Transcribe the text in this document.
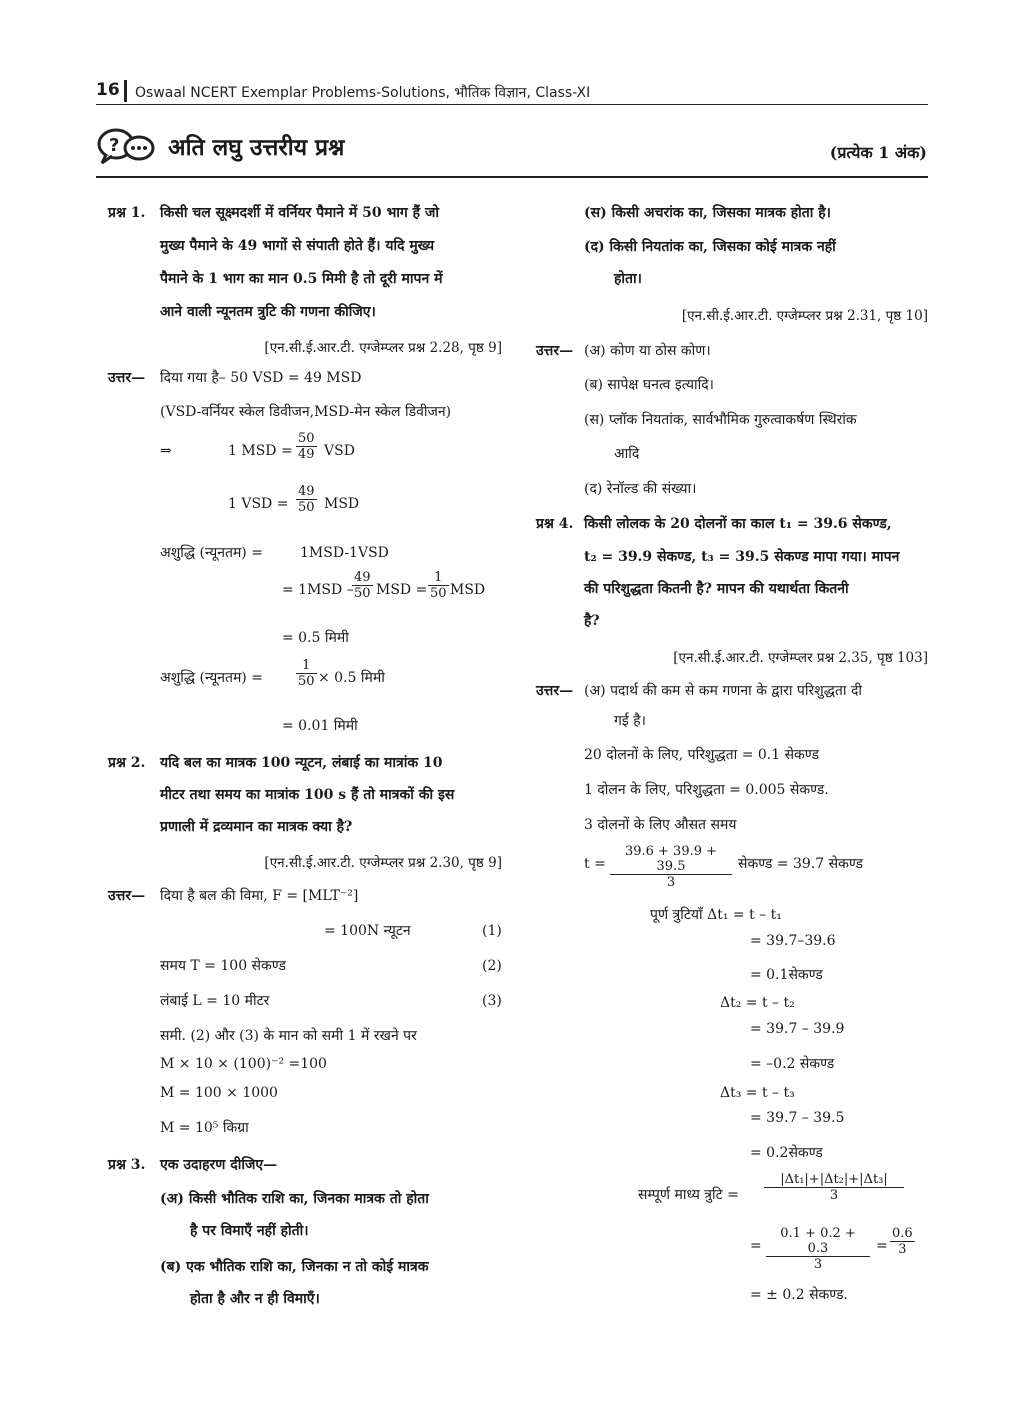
16 Oswaal NCERT Exemplar Problems-Solutions, भौतिक विज्ञान, Class-XI
? अति लघु उत्तरीय प्रश्न	(प्रत्येक 1 अंक)
प्रश्न 1. किसी चल सूक्ष्मदर्शी में वर्नियर पैमाने में 50 भाग हैं जो
मुख्य पैमाने के 49 भागों से संपाती होते हैं। यदि मुख्य
पैमाने के 1 भाग का मान 0.5 मिमी है तो दूरी मापन में
आने वाली न्यूनतम त्रुटि की गणना कीजिए।
[एन.सी.ई.आर.टी. एग्जेम्प्लर प्रश्न 2.28, पृष्ठ 9]
उत्तर— दिया गया है– 50 VSD = 49 MSD
(VSD-वर्नियर स्केल डिवीजन,MSD-मेन स्केल डिवीजन)
⇒	1 MSD = $\frac{50}{49}$ VSD
1 VSD = $\frac{49}{50}$ MSD
अशुद्धि (न्यूनतम) =	1MSD-1VSD
= 1MSD –
$\frac{49}{50}$ MSD = $\frac{1}{50}$ MSD
= 0.5 मिमी
अशुद्धि (न्यूनतम) =	$\frac{1}{50} \times 0.5$ मिमी
= 0.01 मिमी
प्रश्न 2. यदि बल का मात्रक 100 न्यूटन, लंबाई का मात्रांक 10
मीटर तथा समय का मात्रांक 100 s हैं तो मात्रकों की इस
प्रणाली में द्रव्यमान का मात्रक क्या है?
[एन.सी.ई.आर.टी. एग्जेम्प्लर प्रश्न 2.30, पृष्ठ 9]
उत्तर— दिया है बल की विमा, F = [MLT⁻²]
= 100N न्यूटन	(1)
समय T = 100 सेकण्ड	(2)
लंबाई L = 10 मीटर	(3)
समी. (2) और (3) के मान को समी 1 में रखने पर
M × 10 × (100)⁻² =100
M = 100 × 1000
M = 10⁵ किग्रा
प्रश्न 3. एक उदाहरण दीजिए—
(अ) किसी भौतिक राशि का, जिनका मात्रक तो होता
है पर विमाएँ नहीं होती।
(ब) एक भौतिक राशि का, जिनका न तो कोई मात्रक
होता है और न ही विमाएँ।
(स) किसी अचरांक का, जिसका मात्रक होता है।
(द) किसी नियतांक का, जिसका कोई मात्रक नहीं
होता।
[एन.सी.ई.आर.टी. एग्जेम्प्लर प्रश्न 2.31, पृष्ठ 10]
उत्तर— (अ) कोण या ठोस कोण।
(ब) सापेक्ष घनत्व इत्यादि।
(स) प्लॉक नियतांक, सार्वभौमिक गुरुत्वाकर्षण स्थिरांक
आदि
(द) रेनॉल्ड की संख्या।
प्रश्न 4. किसी लोलक के 20 दोलनों का काल t₁ = 39.6 सेकण्ड,
t₂ = 39.9 सेकण्ड, t₃ = 39.5 सेकण्ड मापा गया। मापन
की परिशुद्धता कितनी है? मापन की यथार्थता कितनी
है?
[एन.सी.ई.आर.टी. एग्जेम्प्लर प्रश्न 2.35, पृष्ठ 103]
उत्तर— (अ) पदार्थ की कम से कम गणना के द्वारा परिशुद्धता दी
गई है।
20 दोलनों के लिए, परिशुद्धता = 0.1 सेकण्ड
1 दोलन के लिए, परिशुद्धता = 0.005 सेकण्ड.
3 दोलनों के लिए औसत समय
$t = \frac{39.6 + 39.9 + 39.5}{3}$ सेकण्ड = 39.7 सेकण्ड
पूर्ण त्रुटियाँ Δt₁ = t – t₁
= 39.7–39.6
= 0.1सेकण्ड
Δt₂ = t – t₂
= 39.7 – 39.9
= –0.2 सेकण्ड
Δt₃ = t – t₃
= 39.7 – 39.5
= 0.2सेकण्ड
सम्पूर्ण माध्य त्रुटि = $\frac{\text{|Δt₁|+|Δt₂|+|Δt₃|}}{3}$
= $\frac{0.1 + 0.2 + 0.3}{3} = \frac{0.6}{3}$
= ± 0.2 सेकण्ड.
